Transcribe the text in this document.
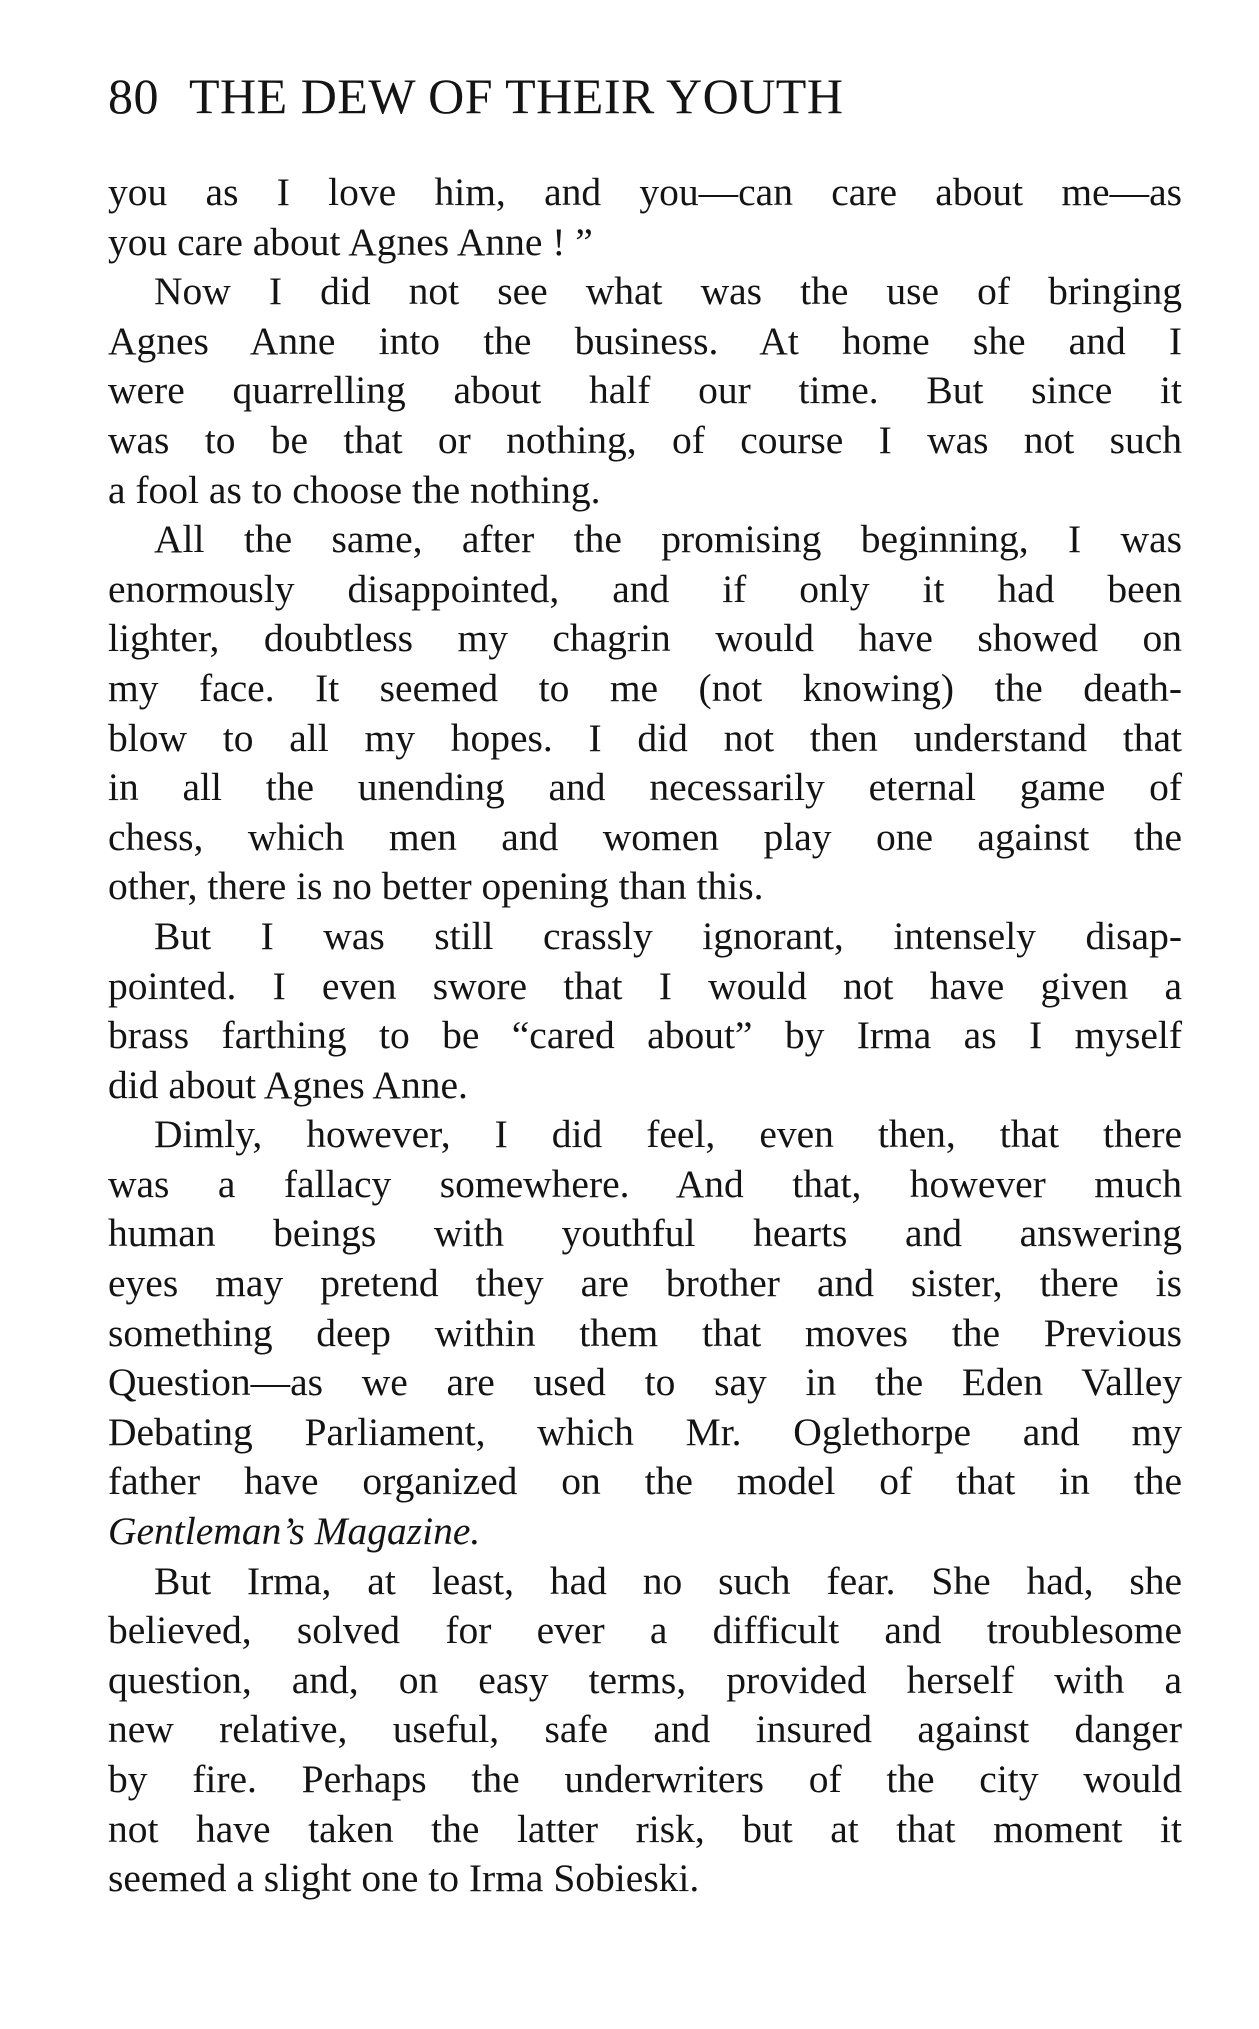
80 THE DEW OF THEIR YOUTH
you as I love him, and you—can care about me—as
you care about Agnes Anne ! ”
Now I did not see what was the use of bringing
Agnes Anne into the business. At home she and I
were quarrelling about half our time. But since it
was to be that or nothing, of course I was not such
a fool as to choose the nothing.
All the same, after the promising beginning, I was
enormously disappointed, and if only it had been
lighter, doubtless my chagrin would have showed on
my face. It seemed to me (not knowing) the death-
blow to all my hopes. I did not then understand that
in all the unending and necessarily eternal game of
chess, which men and women play one against the
other, there is no better opening than this.
But I was still crassly ignorant, intensely disap-
pointed. I even swore that I would not have given a
brass farthing to be “cared about” by Irma as I myself
did about Agnes Anne.
Dimly, however, I did feel, even then, that there
was a fallacy somewhere. And that, however much
human beings with youthful hearts and answering
eyes may pretend they are brother and sister, there is
something deep within them that moves the Previous
Question—as we are used to say in the Eden Valley
Debating Parliament, which Mr. Oglethorpe and my
father have organized on the model of that in the
Gentleman’s Magazine.
But Irma, at least, had no such fear. She had, she
believed, solved for ever a difficult and troublesome
question, and, on easy terms, provided herself with a
new relative, useful, safe and insured against danger
by fire. Perhaps the underwriters of the city would
not have taken the latter risk, but at that moment it
seemed a slight one to Irma Sobieski.
